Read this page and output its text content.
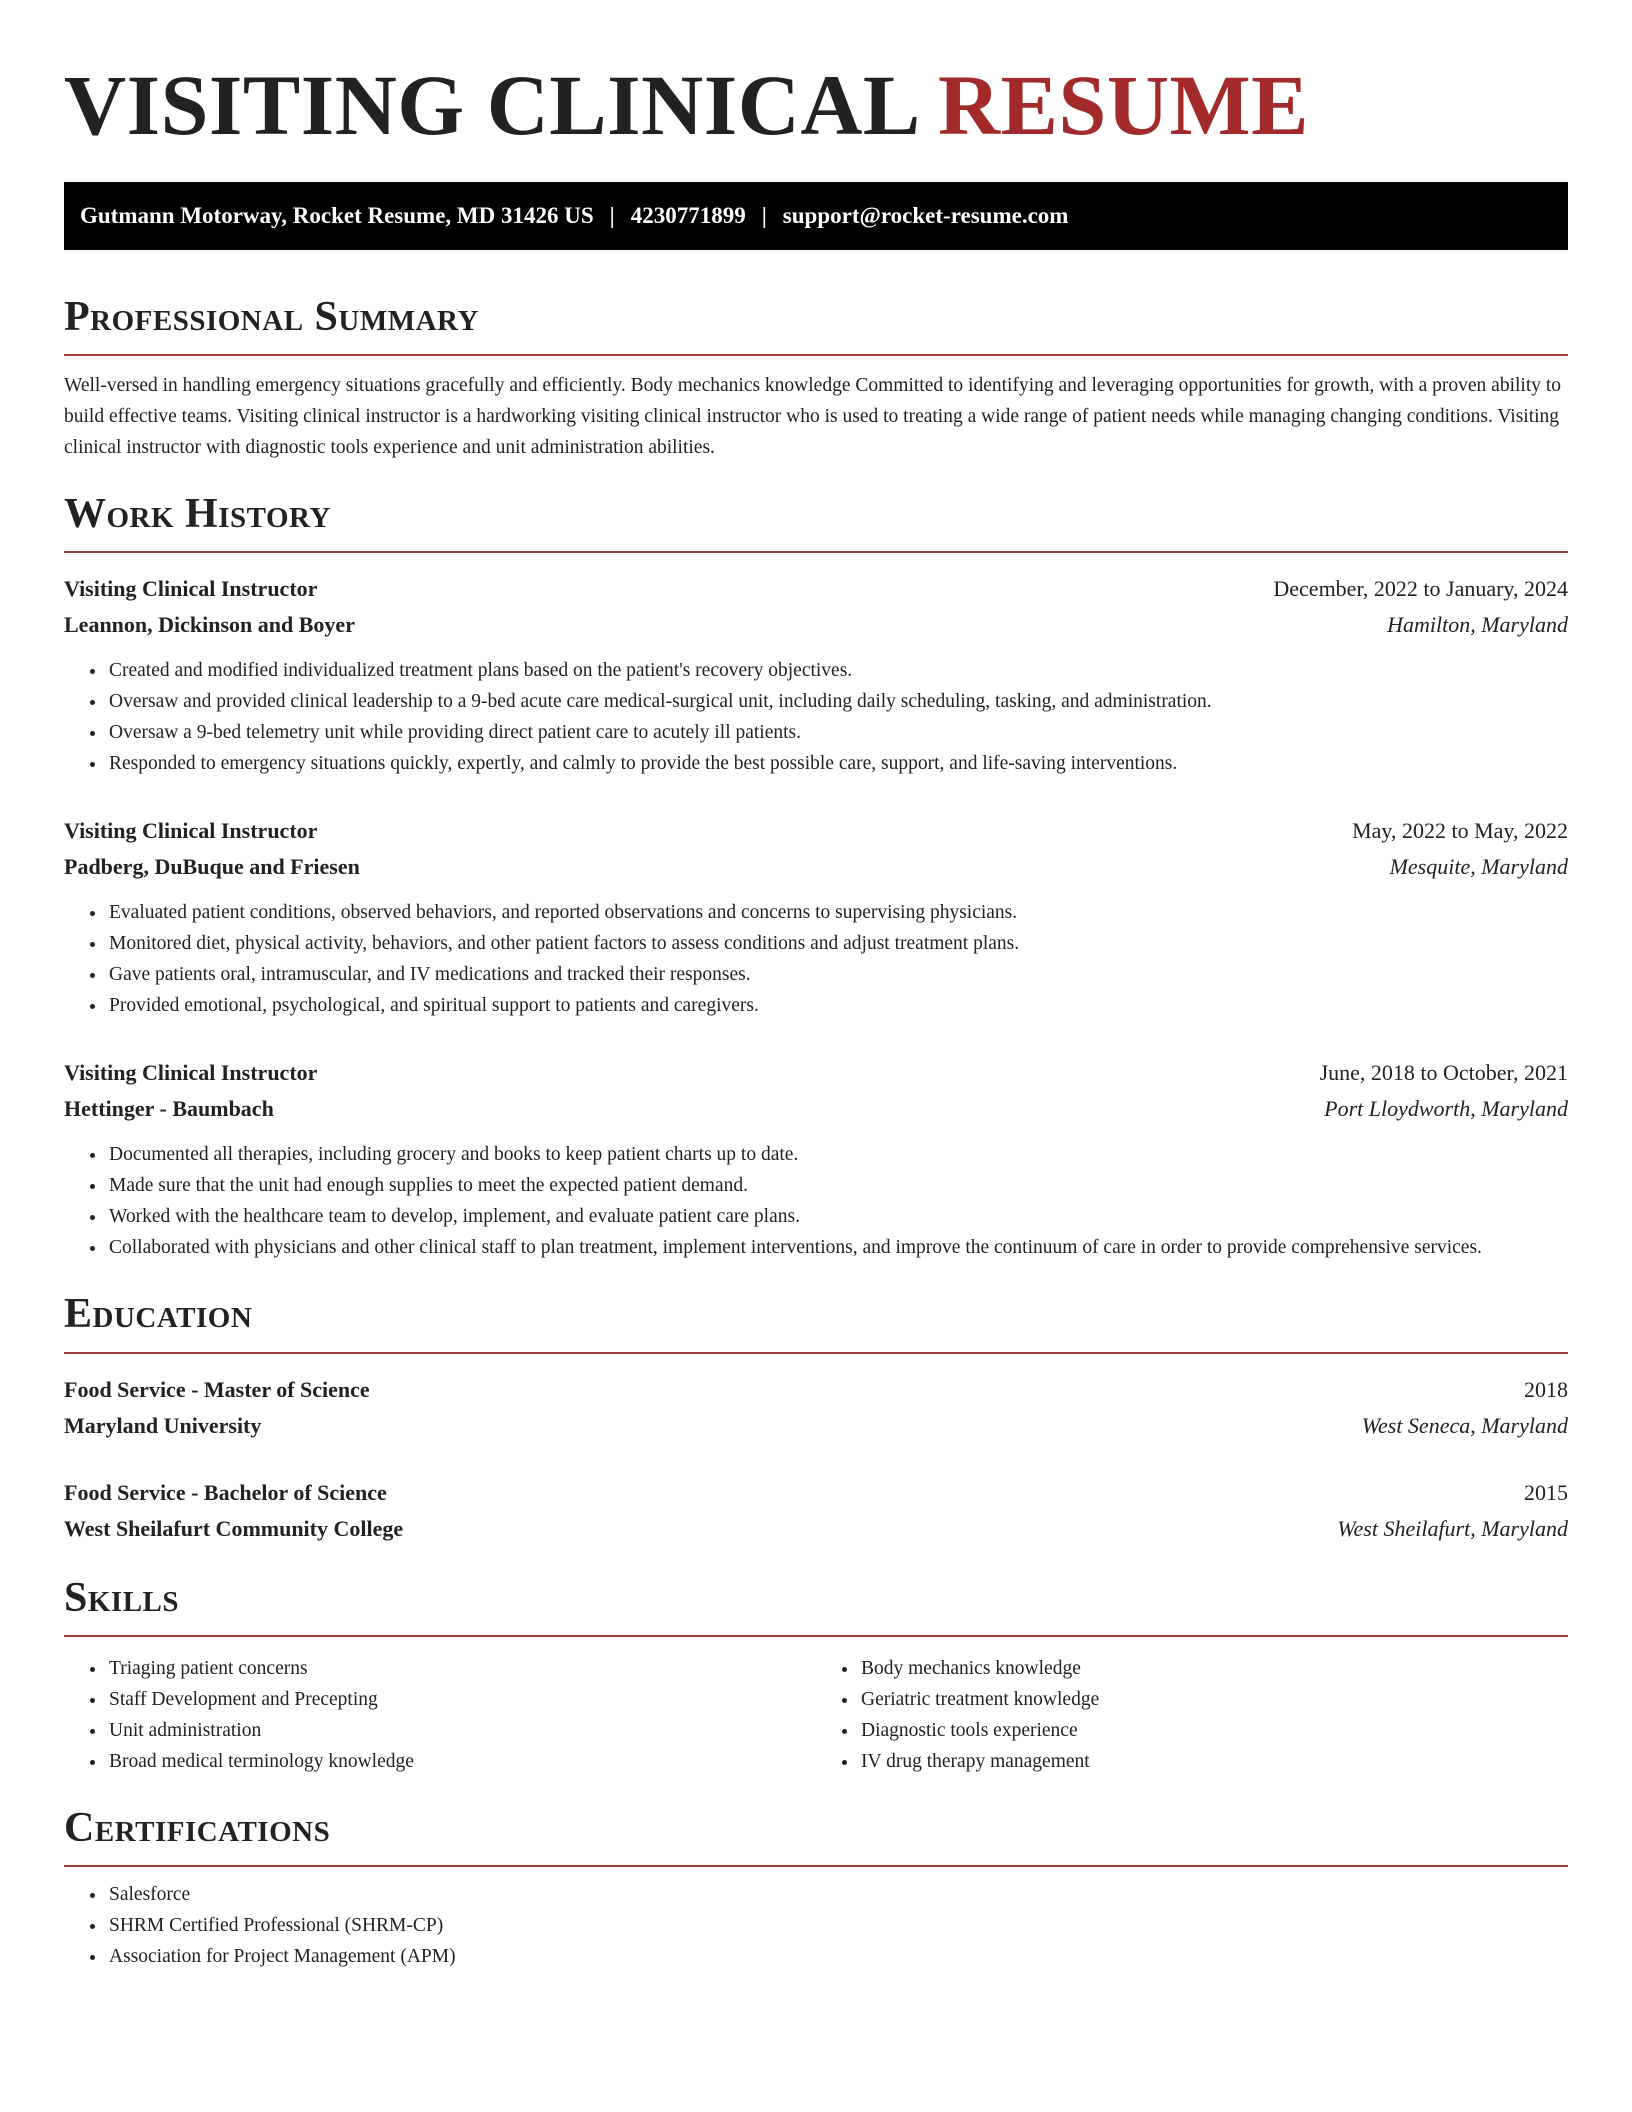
VISITING CLINICAL RESUME
Gutmann Motorway, Rocket Resume, MD 31426 US | 4230771899 | support@rocket-resume.com
Professional Summary

Well-versed in handling emergency situations gracefully and efficiently. Body mechanics knowledge Committed to identifying and leveraging opportunities for growth, with a proven ability to build effective teams. Visiting clinical instructor is a hardworking visiting clinical instructor who is used to treating a wide range of patient needs while managing changing conditions. Visiting clinical instructor with diagnostic tools experience and unit administration abilities.

Work History
Visiting Clinical Instructor	December, 2022 to January, 2024
Leannon, Dickinson and Boyer	Hamilton, Maryland
• Created and modified individualized treatment plans based on the patient's recovery objectives.
• Oversaw and provided clinical leadership to a 9-bed acute care medical-surgical unit, including daily scheduling, tasking, and administration.
• Oversaw a 9-bed telemetry unit while providing direct patient care to acutely ill patients.
• Responded to emergency situations quickly, expertly, and calmly to provide the best possible care, support, and life-saving interventions.
Visiting Clinical Instructor	May, 2022 to May, 2022
Padberg, DuBuque and Friesen	Mesquite, Maryland
• Evaluated patient conditions, observed behaviors, and reported observations and concerns to supervising physicians.
• Monitored diet, physical activity, behaviors, and other patient factors to assess conditions and adjust treatment plans.
• Gave patients oral, intramuscular, and IV medications and tracked their responses.
• Provided emotional, psychological, and spiritual support to patients and caregivers.
Visiting Clinical Instructor	June, 2018 to October, 2021
Hettinger - Baumbach	Port Lloydworth, Maryland
• Documented all therapies, including grocery and books to keep patient charts up to date.
• Made sure that the unit had enough supplies to meet the expected patient demand.
• Worked with the healthcare team to develop, implement, and evaluate patient care plans.
• Collaborated with physicians and other clinical staff to plan treatment, implement interventions, and improve the continuum of care in order to provide comprehensive services.
Education
Food Service - Master of Science	2018
Maryland University	West Seneca, Maryland
Food Service - Bachelor of Science	2015
West Sheilafurt Community College	West Sheilafurt, Maryland
Skills
• Triaging patient concerns
• Staff Development and Precepting
• Unit administration
• Broad medical terminology knowledge
• Body mechanics knowledge
• Geriatric treatment knowledge
• Diagnostic tools experience
• IV drug therapy management
Certifications
• Salesforce
• SHRM Certified Professional (SHRM-CP)
• Association for Project Management (APM)
